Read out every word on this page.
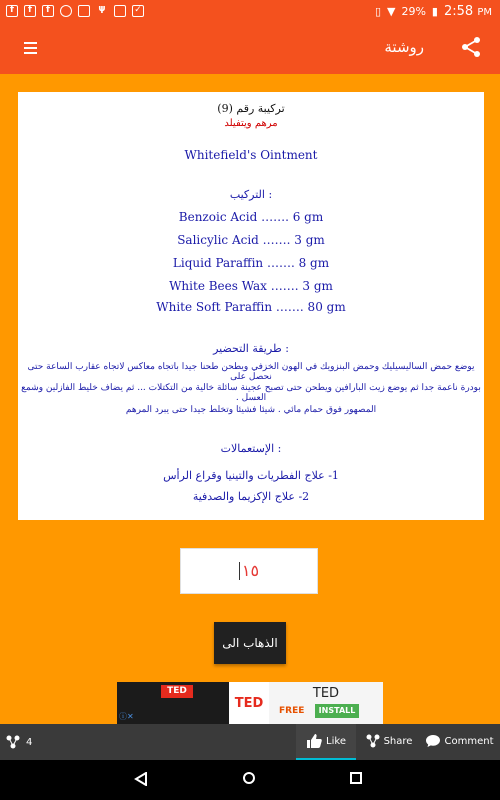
f	f	f	ψ	✓	▯ ▼ 29% ▮ 2:58 PM
روشتة
تركيبة رقم (9)
مرهم ويتفيلد
Whitefield's Ointment
التركيب :
Benzoic Acid ……. 6 gm
Salicylic Acid ……. 3 gm
Liquid Paraffin ……. 8 gm
White Bees Wax ……. 3 gm
White Soft Paraffin ……. 80 gm
طريقة التحضير :
يوضع حمض الساليسيليك وحمض البنزويك في الهون الخزفي ويطحن طحنا جيدا باتجاه معاكس لاتجاه عقارب الساعة حتى نحصل على
بودرة ناعمة جدا ثم يوضع زيت البارافين ويطحن حتى تصبح عجينة سائلة خالية من التكتلات ... ثم يضاف خليط الفازلين وشمع العسل .
المصهور فوق حمام مائي . شيئا فشيئا وتخلط جيدا حتى يبرد المرهم
الإستعمالات :
1- علاج الفطريات والتينيا وقراع الرأس
2- علاج الإكزيما والصدفية
١٥
الذهاب الى
TED
ⓘ✕
TED
TED
FREE	INSTALL
4	Like	Share	Comment
